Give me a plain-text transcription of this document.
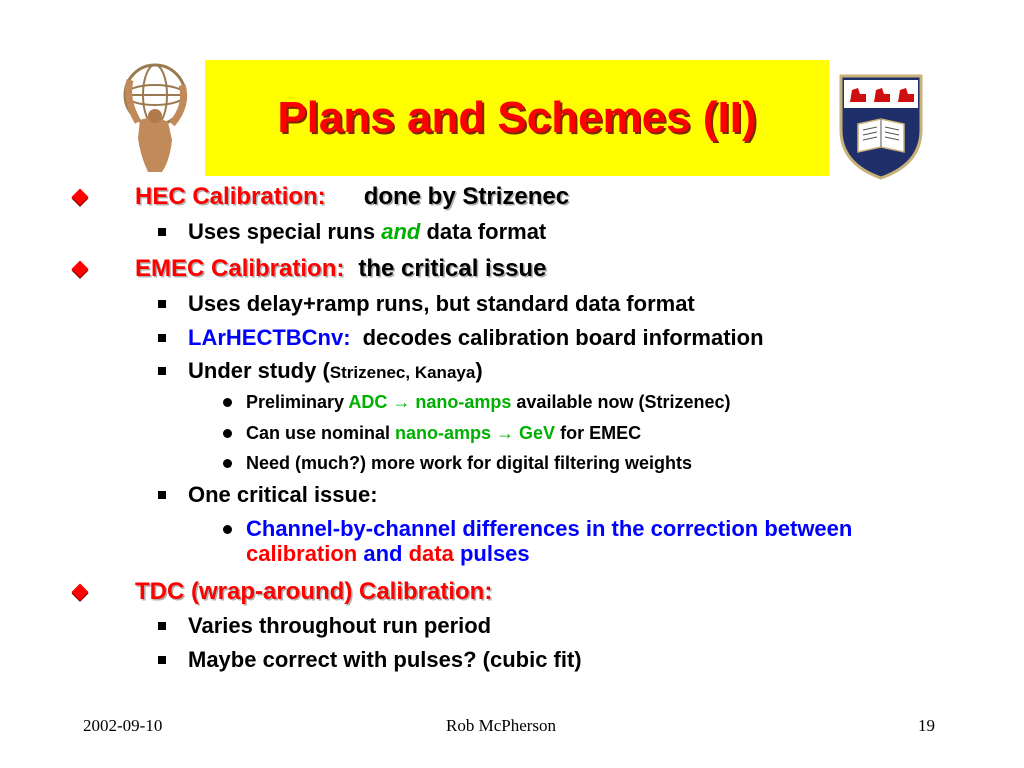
Plans and Schemes (II)
HEC Calibration: done by Strizenec
Uses special runs and data format
EMEC Calibration: the critical issue
Uses delay+ramp runs, but standard data format
LArHECTBCnv: decodes calibration board information
Under study (Strizenec, Kanaya)
Preliminary ADC → nano-amps available now (Strizenec)
Can use nominal nano-amps → GeV for EMEC
Need (much?) more work for digital filtering weights
One critical issue:
Channel-by-channel differences in the correction between
calibration and data pulses
TDC (wrap-around) Calibration:
Varies throughout run period
Maybe correct with pulses? (cubic fit)
2002-09-10	Rob McPherson	19
